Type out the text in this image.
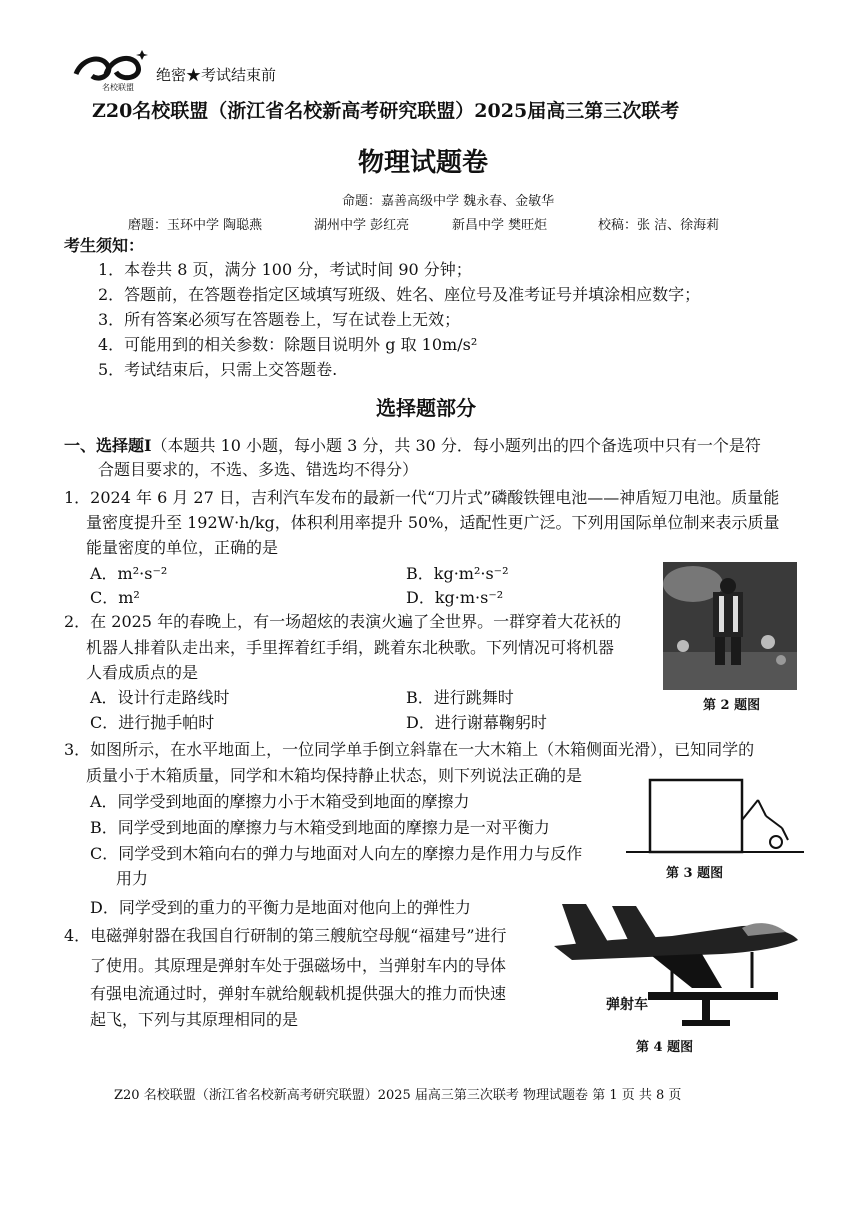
名校联盟
绝密★考试结束前
Z20名校联盟（浙江省名校新高考研究联盟）2025届高三第三次联考
物理试题卷
命题：嘉善高级中学 魏永春、金敏华
磨题：玉环中学 陶聪燕	湖州中学 彭红亮	新昌中学 樊旺炬	校稿：张 洁、徐海莉
考生须知：
1．本卷共 8 页，满分 100 分，考试时间 90 分钟；
2．答题前，在答题卷指定区域填写班级、姓名、座位号及准考证号并填涂相应数字；
3．所有答案必须写在答题卷上，写在试卷上无效；
4．可能用到的相关参数：除题目说明外 g 取 10m/s²
5．考试结束后，只需上交答题卷.
选择题部分
一、选择题Ⅰ（本题共 10 小题，每小题 3 分，共 30 分．每小题列出的四个备选项中只有一个是符
合题目要求的，不选、多选、错选均不得分）
1．2024 年 6 月 27 日，吉利汽车发布的最新一代“刀片式”磷酸铁锂电池——神盾短刀电池。质量能
量密度提升至 192W·h/kg，体积利用率提升 50%，适配性更广泛。下列用国际单位制来表示质量
能量密度的单位，正确的是
A．m²·s⁻²	B．kg·m²·s⁻²
C．m²	D．kg·m·s⁻²
2．在 2025 年的春晚上，有一场超炫的表演火遍了全世界。一群穿着大花袄的
机器人排着队走出来，手里挥着红手绢，跳着东北秧歌。下列情况可将机器
人看成质点的是
A．设计行走路线时	B．进行跳舞时	第 2 题图
C．进行抛手帕时	D．进行谢幕鞠躬时
3．如图所示，在水平地面上，一位同学单手倒立斜靠在一大木箱上（木箱侧面光滑），已知同学的
质量小于木箱质量，同学和木箱均保持静止状态，则下列说法正确的是
A．同学受到地面的摩擦力小于木箱受到地面的摩擦力
B．同学受到地面的摩擦力与木箱受到地面的摩擦力是一对平衡力
C．同学受到木箱向右的弹力与地面对人向左的摩擦力是作用力与反作
用力
D．同学受到的重力的平衡力是地面对他向上的弹性力
第 3 题图
弹射车
4．电磁弹射器在我国自行研制的第三艘航空母舰“福建号”进行
了使用。其原理是弹射车处于强磁场中，当弹射车内的导体
有强电流通过时，弹射车就给舰载机提供强大的推力而快速
起飞，下列与其原理相同的是
第 4 题图
Z20 名校联盟（浙江省名校新高考研究联盟）2025 届高三第三次联考 物理试题卷 第 1 页 共 8 页
